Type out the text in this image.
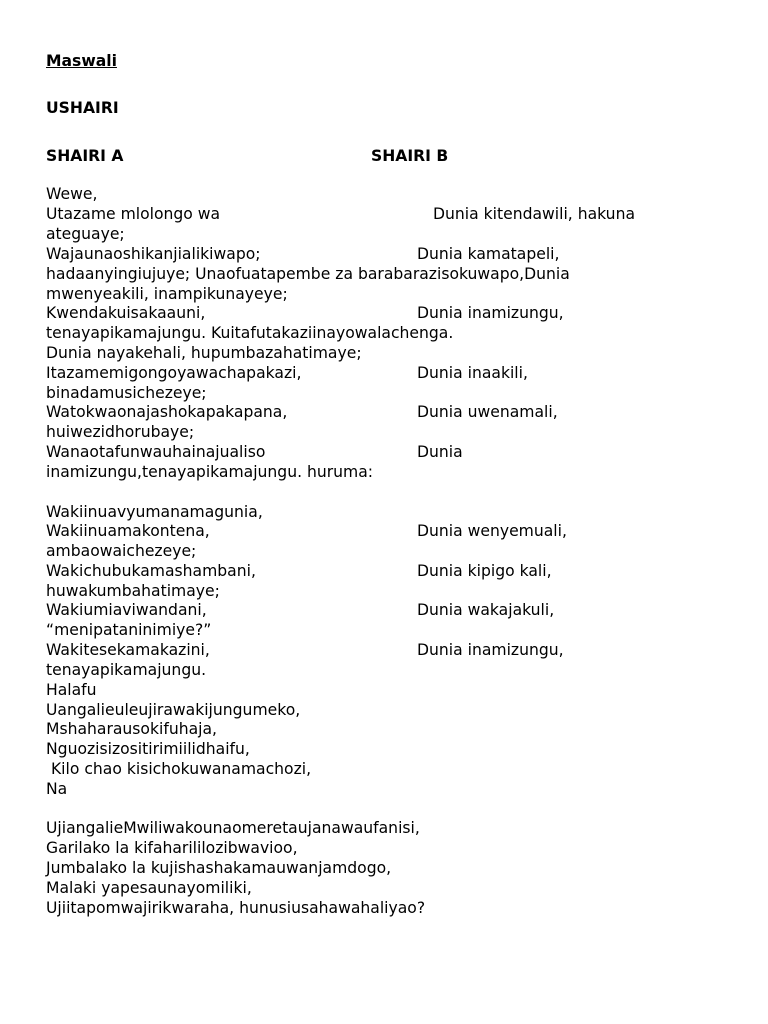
Maswali

USHAIRI

SHAIRI A	SHAIRI B

Wewe,

Utazame mlolongo wa	Dunia kitendawili, hakuna

ateguaye;

Wajaunaoshikanjialikiwapo;	Dunia kamatapeli,

hadaanyingiujuye; Unaofuatapembe za barabarazisokuwapo,Dunia

mwenyeakili, inampikunayeye;

Kwendakuisakaauni,	Dunia inamizungu,

tenayapikamajungu. Kuitafutakaziinayowalachenga.

Dunia nayakehali, hupumbazahatimaye;

Itazamemigongoyawachapakazi,	Dunia inaakili,

binadamusichezeye;

Watokwaonajashokapakapana,	Dunia uwenamali,

huiwezidhorubaye;

Wanaotafunwauhainajualiso	Dunia

inamizungu,tenayapikamajungu. huruma:

Wakiinuavyumanamagunia,

Wakiinuamakontena,	Dunia wenyemuali,

ambaowaichezeye;

Wakichubukamashambani,	Dunia kipigo kali,

huwakumbahatimaye;

Wakiumiaviwandani,	Dunia wakajakuli,

“menipataninimiye?”

Wakitesekamakazini,	Dunia inamizungu,

tenayapikamajungu.

Halafu

Uangalieuleujirawakijungumeko,

Mshaharausokifuhaja,

Nguozisizositirimiilidhaifu,

Kilo chao kisichokuwanamachozi,

Na

UjiangalieMwiliwakounaomeretaujanawaufanisi,

Garilako la kifaharililozibwavioo,

Jumbalako la kujishashakamauwanjamdogo,

Malaki yapesaunayomiliki,

Ujiitapomwajirikwaraha, hunusiusahawahaliyao?
